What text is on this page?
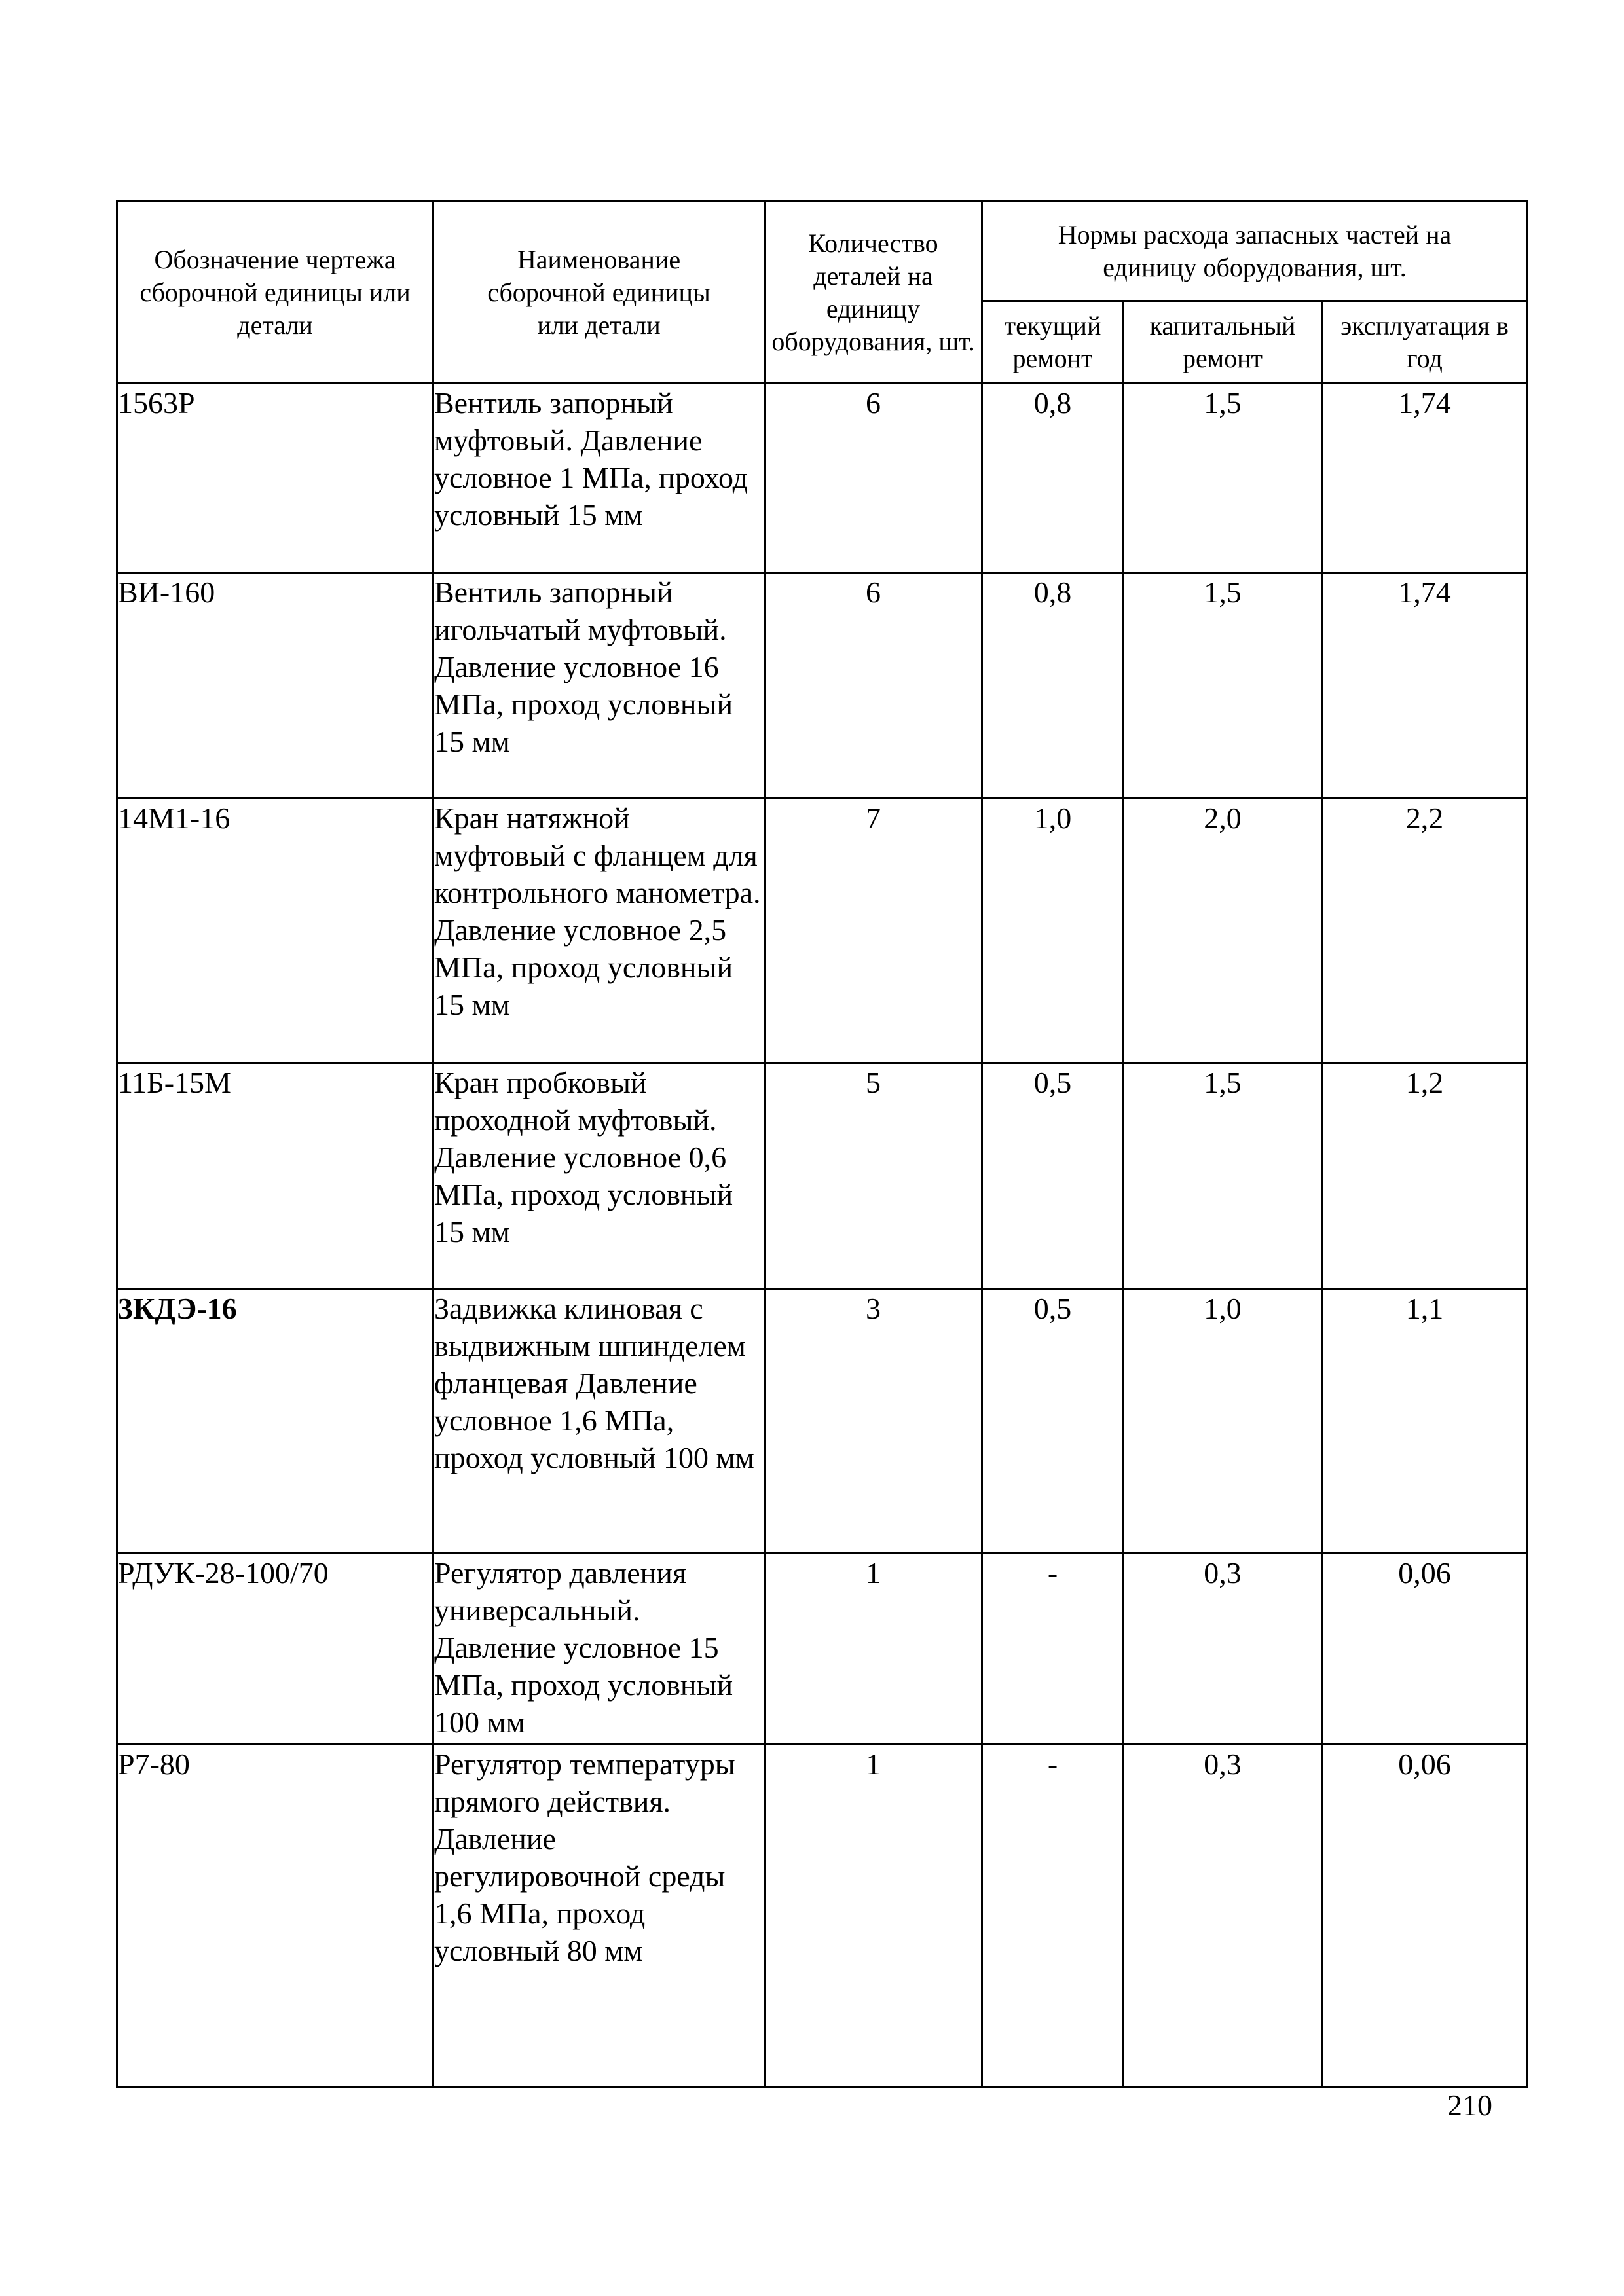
Обозначение чертежа сборочной единицы или детали	Наименование сборочной единицы или детали	Количество деталей на единицу оборудования, шт.	Нормы расхода запасных частей на единицу оборудования, шт.		
			текущий ремонт	капитальный ремонт	эксплуатация в год
1563Р	Вентиль запорный муфтовый. Давление условное 1 МПа, проход условный 15 мм	6	0,8	1,5	1,74
ВИ-160	Вентиль запорный игольчатый муфтовый. Давление условное 16 МПа, проход условный 15 мм	6	0,8	1,5	1,74
14М1-16	Кран натяжной муфтовый с фланцем для контрольного манометра. Давление условное 2,5 МПа, проход условный 15 мм	7	1,0	2,0	2,2
11Б-15М	Кран пробковый проходной муфтовый. Давление условное 0,6 МПа, проход условный 15 мм	5	0,5	1,5	1,2
3КДЭ-16	Задвижка клиновая с выдвижным шпинделем фланцевая Давление условное 1,6 МПа, проход условный 100 мм	3	0,5	1,0	1,1
РДУК-28-100/70	Регулятор давления универсальный. Давление условное 15 МПа, проход условный 100 мм	1	-	0,3	0,06
Р7-80	Регулятор температуры прямого действия. Давление регулировочной среды 1,6 МПа, проход условный 80 мм	1	-	0,3	0,06
210
